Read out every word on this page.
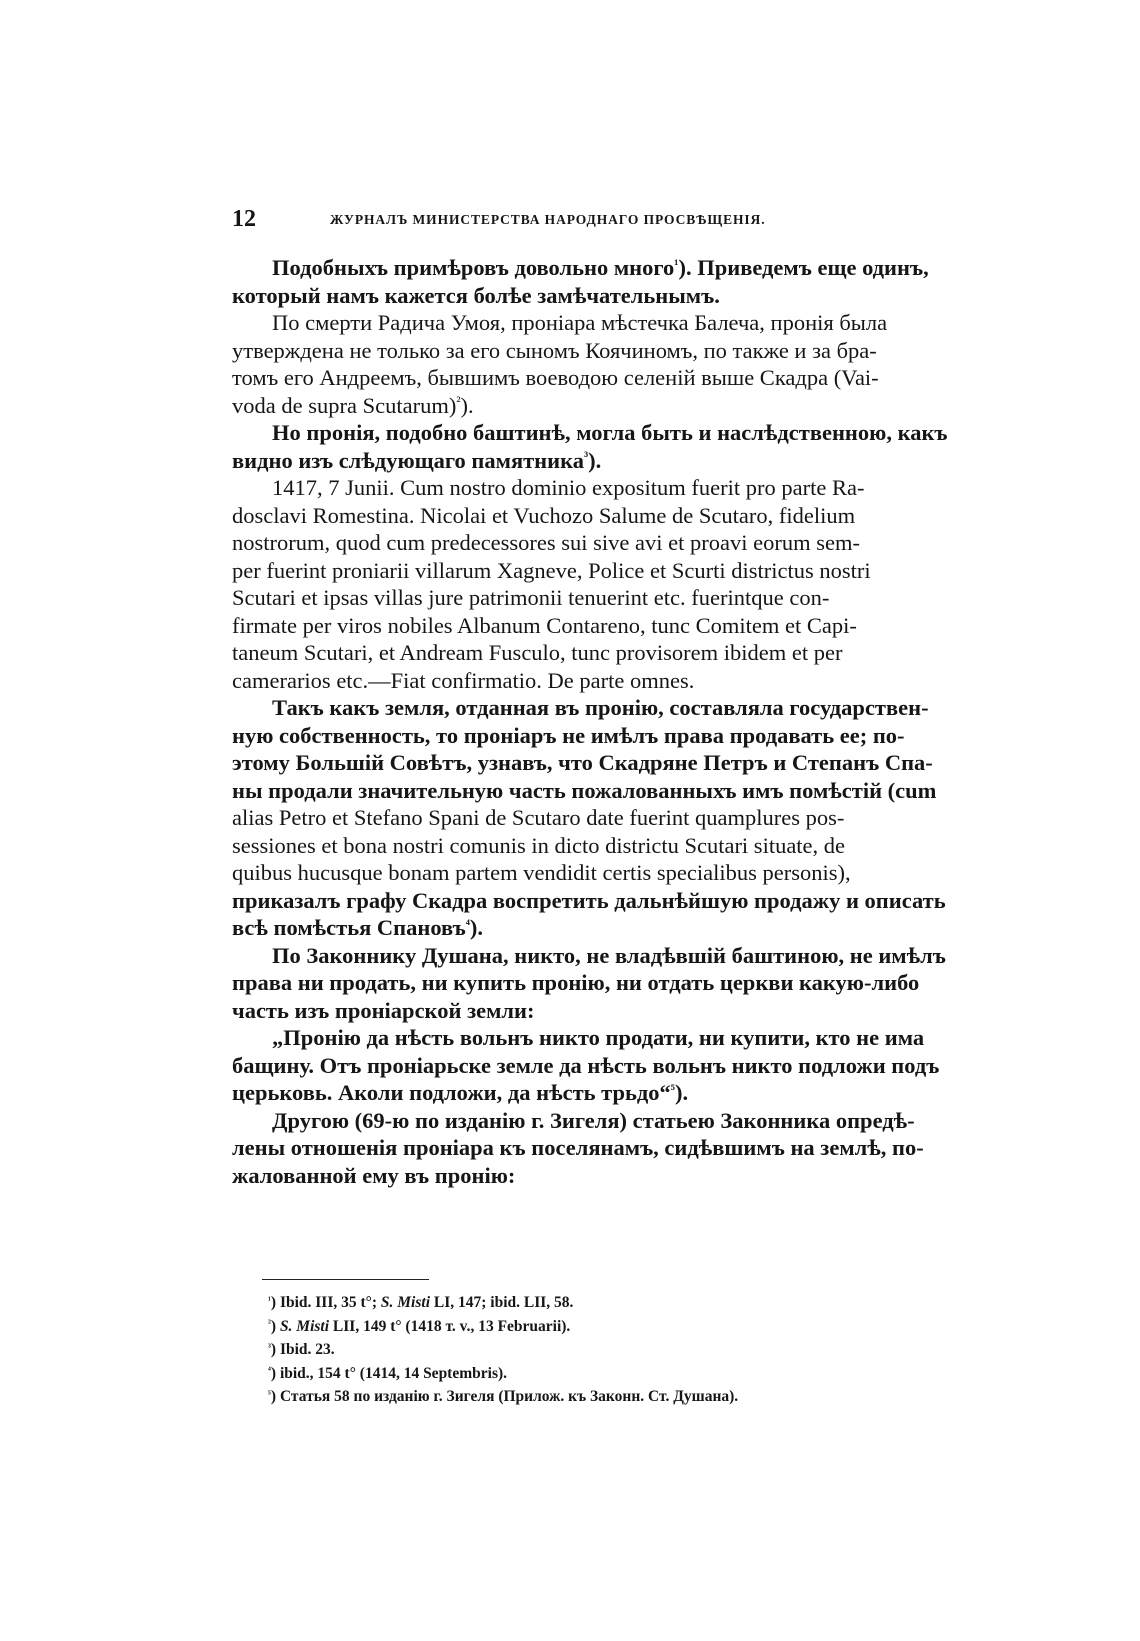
12	ЖУРНАЛЪ МИНИСТЕРСТВА НАРОДНАГО ПРОСВѢЩЕНІЯ.

Подобныхъ примѣровъ довольно много$^{^1}$). Приведемъ еще одинъ,
который намъ кажется болѣе замѣчательнымъ.

По смерти Радича Умоя, проніара мѣстечка Балеча, пронія была
утверждена не только за его сыномъ Коячиномъ, по также и за бра-
томъ его Андреемъ, бывшимъ воеводою селеній выше Скадра (Vai-
voda de supra Scutarum)$^{^2}$).

Но пронія, подобно баштинѣ, могла быть и наслѣдственною, какъ
видно изъ слѣдующаго памятника$^{^3}$).

1417, 7 Junii. Cum nostro dominio expositum fuerit pro parte Ra-
dosclavi Romestina. Nicolai et Vuchozo Salume de Scutaro, fidelium
nostrorum, quod cum predecessores sui sive avi et proavi eorum sem-
per fuerint proniarii villarum Xagneve, Police et Scurti districtus nostri
Scutari et ipsas villas jure patrimonii tenuerint etc. fuerintque con-
firmate per viros nobiles Albanum Contareno, tunc Comitem et Capi-
taneum Scutari, et Andream Fusculo, tunc provisorem ibidem et per
camerarios etc.—Fiat confirmatio. De parte omnes.

Такъ какъ земля, отданная въ пронію, составляла государствен-
ную собственность, то проніаръ не имѣлъ права продавать ее; по-
этому Большій Совѣтъ, узнавъ, что Скадряне Петръ и Степанъ Спа-
ны продали значительную часть пожалованныхъ имъ помѣстій (cum
alias Petro et Stefano Spani de Scutaro date fuerint quamplures pos-
sessiones et bona nostri comunis in dicto districtu Scutari situate, de
quibus hucusque bonam partem vendidit certis specialibus personis),
приказалъ графу Скадра воспретить дальнѣйшую продажу и описать
всѣ помѣстья Спановъ$^{^4}$).

По Законнику Душана, никто, не владѣвшій баштиною, не имѣлъ
права ни продать, ни купить пронію, ни отдать церкви какую-либо
часть изъ проніарской земли:

„Пронію да нѣсть вольнъ никто продати, ни купити, кто не има
бащину. Отъ проніарьске земле да нѣсть вольнъ никто подложи подъ
церьковь. Аколи подложи, да нѣсть трьдо“$^{^5}$).

Другою (69-ю по изданію г. Зигеля) статьею Законника опредѣ-
лены отношенія проніара къ поселянамъ, сидѣвшимъ на землѣ, по-
жалованной ему въ пронію:

$^{^1}$) Ibid. III, 35 t°; S. Misti LI, 147; ibid. LII, 58.
$^{^2}$) S. Misti LII, 149 t° (1418 т. v., 13 Februarii).
$^{^3}$) Ibid. 23.
$^{^4}$) ibid., 154 t° (1414, 14 Septembris).
$^{^5}$) Статья 58 по изданію г. Зигеля (Прилож. къ Законн. Ст. Душана).
